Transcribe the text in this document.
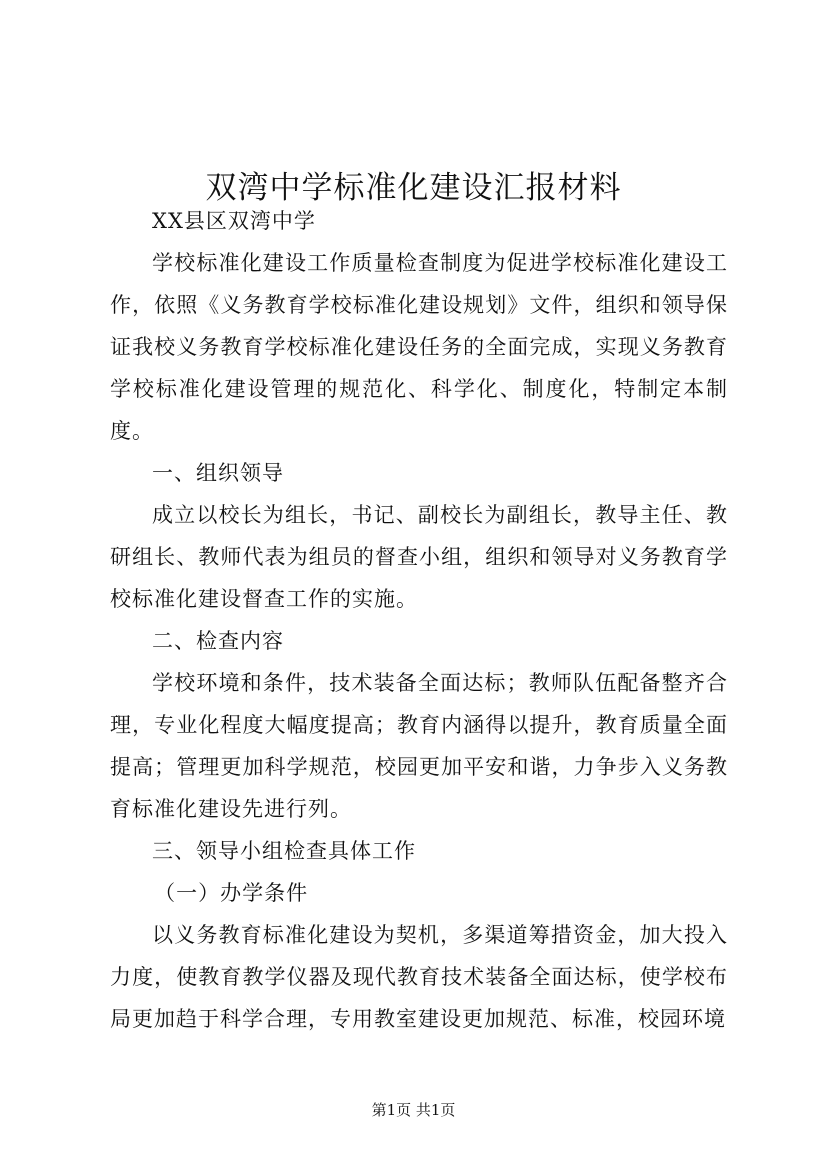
双湾中学标准化建设汇报材料

XX县区双湾中学

学校标准化建设工作质量检查制度为促进学校标准化建设工作，依照《义务教育学校标准化建设规划》文件，组织和领导保证我校义务教育学校标准化建设任务的全面完成，实现义务教育学校标准化建设管理的规范化、科学化、制度化，特制定本制度。

一、组织领导

成立以校长为组长，书记、副校长为副组长，教导主任、教研组长、教师代表为组员的督查小组，组织和领导对义务教育学校标准化建设督查工作的实施。

二、检查内容

学校环境和条件，技术装备全面达标；教师队伍配备整齐合理，专业化程度大幅度提高；教育内涵得以提升，教育质量全面提高；管理更加科学规范，校园更加平安和谐，力争步入义务教育标准化建设先进行列。

三、领导小组检查具体工作

（一）办学条件

以义务教育标准化建设为契机，多渠道筹措资金，加大投入力度，使教育教学仪器及现代教育技术装备全面达标，使学校布局更加趋于科学合理，专用教室建设更加规范、标准，校园环境

第1页 共1页
